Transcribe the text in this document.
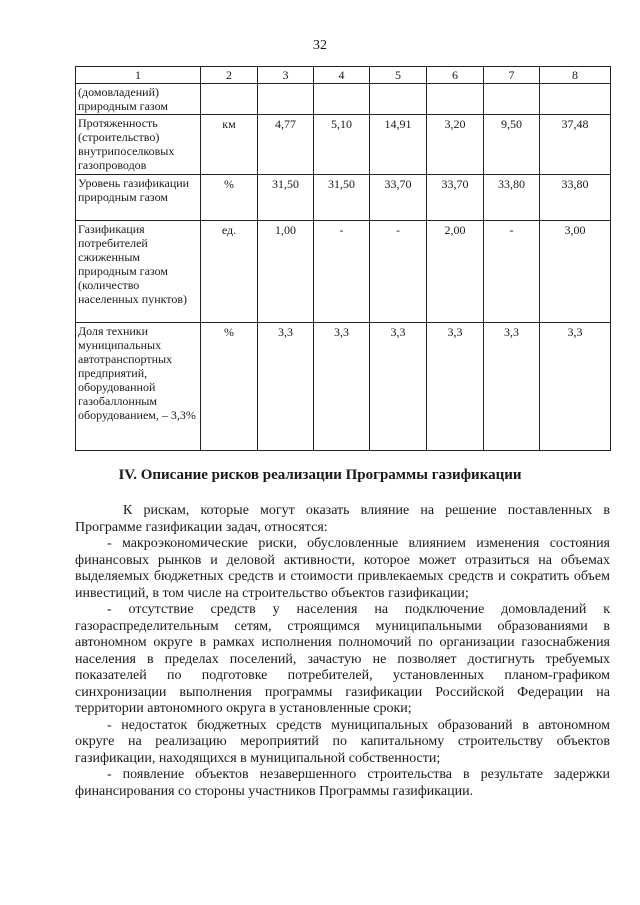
32
1	2	3	4	5	6	7	8
(домовладений) природным газом							
Протяженность (строительство) внутрипоселковых газопроводов	км	4,77	5,10	14,91	3,20	9,50	37,48
Уровень газификации природным газом	%	31,50	31,50	33,70	33,70	33,80	33,80
Газификация потребителей сжиженным природным газом (количество населенных пунктов)	ед.	1,00	-	-	2,00	-	3,00
Доля техники муниципальных автотранспортных предприятий, оборудованной газобаллонным оборудованием, – 3,3%	%	3,3	3,3	3,3	3,3	3,3	3,3
IV. Описание рисков реализации Программы газификации

К рискам, которые могут оказать влияние на решение поставленных в Программе газификации задач, относятся:

- макроэкономические риски, обусловленные влиянием изменения состояния финансовых рынков и деловой активности, которое может отразиться на объемах выделяемых бюджетных средств и стоимости привлекаемых средств и сократить объем инвестиций, в том числе на строительство объектов газификации;

- отсутствие средств у населения на подключение домовладений к газораспределительным сетям, строящимся муниципальными образованиями в автономном округе в рамках исполнения полномочий по организации газоснабжения населения в пределах поселений, зачастую не позволяет достигнуть требуемых показателей по подготовке потребителей, установленных планом-графиком синхронизации выполнения программы газификации Российской Федерации на территории автономного округа в установленные сроки;

- недостаток бюджетных средств муниципальных образований в автономном округе на реализацию мероприятий по капитальному строительству объектов газификации, находящихся в муниципальной собственности;

- появление объектов незавершенного строительства в результате задержки финансирования со стороны участников Программы газификации.
